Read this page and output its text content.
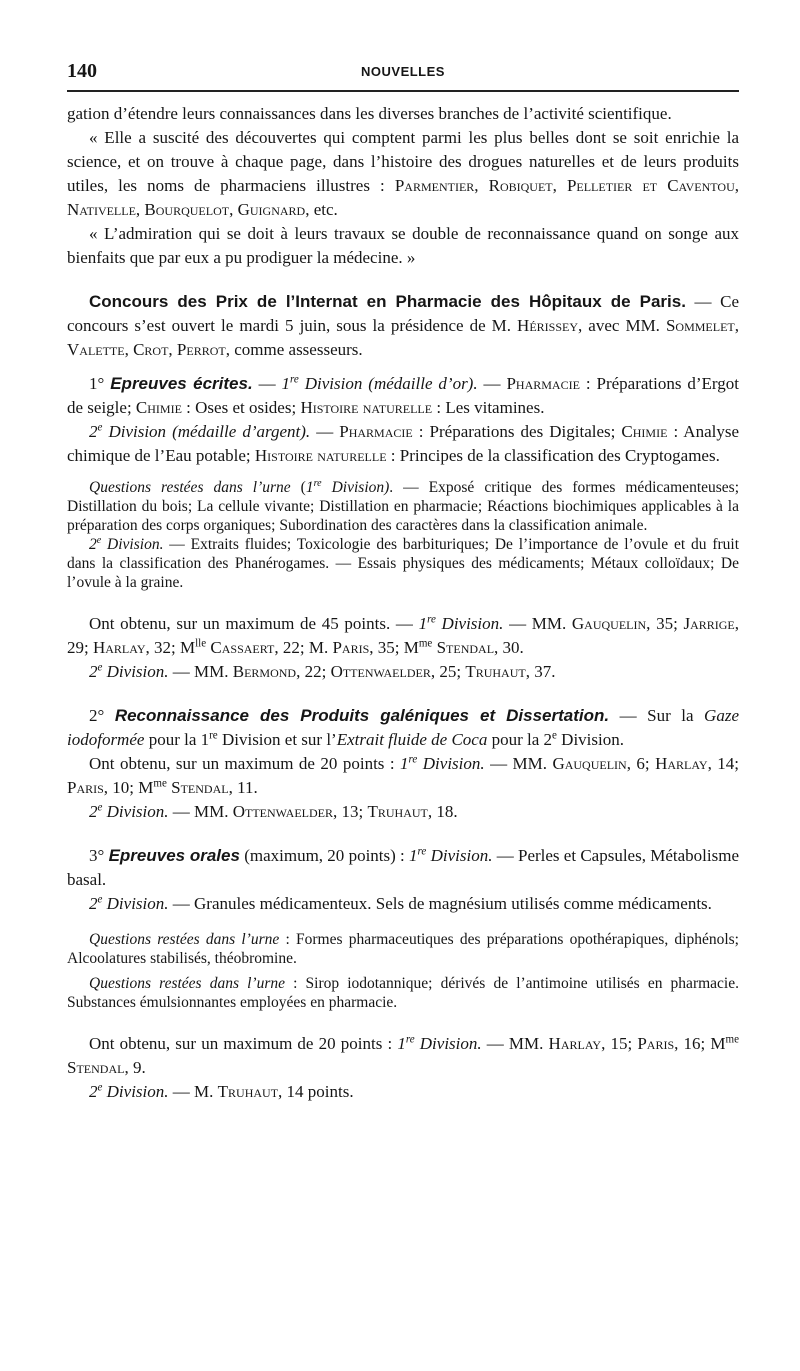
140	NOUVELLES

gation d’étendre leurs connaissances dans les diverses branches de l’activité scientifique.

« Elle a suscité des découvertes qui comptent parmi les plus belles dont se soit enrichie la science, et on trouve à chaque page, dans l’histoire des drogues naturelles et de leurs produits utiles, les noms de pharmaciens illustres : Parmentier, Robiquet, Pelletier et Caventou, Nativelle, Bourquelot, Guignard, etc.

« L’admiration qui se doit à leurs travaux se double de reconnaissance quand on songe aux bienfaits que par eux a pu prodiguer la médecine. »

Concours des Prix de l’Internat en Pharmacie des Hôpitaux de Paris. — Ce concours s’est ouvert le mardi 5 juin, sous la présidence de M. Hérissey, avec MM. Sommelet, Valette, Crot, Perrot, comme assesseurs.

1° Epreuves écrites. — 1re Division (médaille d’or). — Pharmacie : Préparations d’Ergot de seigle; Chimie : Oses et osides; Histoire naturelle : Les vitamines.

2e Division (médaille d’argent). — Pharmacie : Préparations des Digitales; Chimie : Analyse chimique de l’Eau potable; Histoire naturelle : Principes de la classification des Cryptogames.

Questions restées dans l’urne (1re Division). — Exposé critique des formes médicamenteuses; Distillation du bois; La cellule vivante; Distillation en pharmacie; Réactions biochimiques applicables à la préparation des corps organiques; Subordination des caractères dans la classification animale.

2e Division. — Extraits fluides; Toxicologie des barbituriques; De l’importance de l’ovule et du fruit dans la classification des Phanérogames. — Essais physiques des médicaments; Métaux colloïdaux; De l’ovule à la graine.

Ont obtenu, sur un maximum de 45 points. — 1re Division. — MM. Gauquelin, 35; Jarrige, 29; Harlay, 32; $M^{lle}$ Cassaert, 22; M. Paris, 35; $M^{me}$ Stendal, 30.

2e Division. — MM. Bermond, 22; Ottenwaelder, 25; Truhaut, 37.

2° Reconnaissance des Produits galéniques et Dissertation. — Sur la Gaze iodoformée pour la 1re Division et sur l’Extrait fluide de Coca pour la 2e Division.

Ont obtenu, sur un maximum de 20 points : 1re Division. — MM. Gauquelin, 6; Harlay, 14; Paris, 10; $M^{me}$ Stendal, 11.

2e Division. — MM. Ottenwaelder, 13; Truhaut, 18.

3° Epreuves orales (maximum, 20 points) : 1re Division. — Perles et Capsules, Métabolisme basal.

2e Division. — Granules médicamenteux. Sels de magnésium utilisés comme médicaments.

Questions restées dans l’urne : Formes pharmaceutiques des préparations opothérapiques, diphénols; Alcoolatures stabilisés, théobromine.

Questions restées dans l’urne : Sirop iodotannique; dérivés de l’antimoine utilisés en pharmacie. Substances émulsionnantes employées en pharmacie.

Ont obtenu, sur un maximum de 20 points : 1re Division. — MM. Harlay, 15; Paris, 16; $M^{me}$ Stendal, 9.

2e Division. — M. Truhaut, 14 points.
